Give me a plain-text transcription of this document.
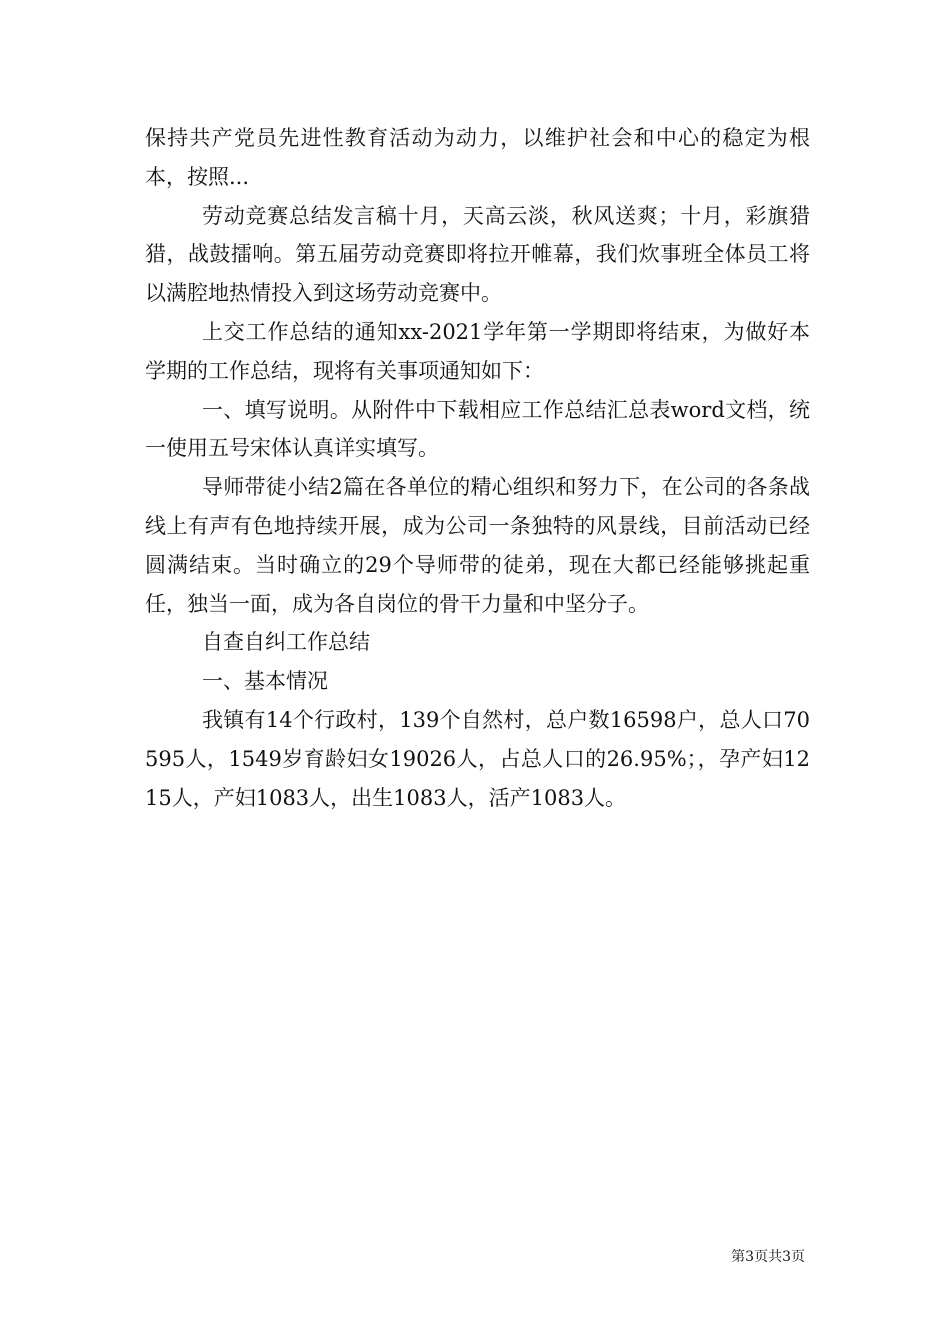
保持共产党员先进性教育活动为动力，以维护社会和中心的稳定为根本，按照...

劳动竞赛总结发言稿十月，天高云淡，秋风送爽；十月，彩旗猎猎，战鼓擂响。第五届劳动竞赛即将拉开帷幕，我们炊事班全体员工将以满腔地热情投入到这场劳动竞赛中。

上交工作总结的通知xx-2021学年第一学期即将结束，为做好本学期的工作总结，现将有关事项通知如下：

一、填写说明。从附件中下载相应工作总结汇总表word文档，统一使用五号宋体认真详实填写。

导师带徒小结2篇在各单位的精心组织和努力下，在公司的各条战线上有声有色地持续开展，成为公司一条独特的风景线，目前活动已经圆满结束。当时确立的29个导师带的徒弟，现在大都已经能够挑起重任，独当一面，成为各自岗位的骨干力量和中坚分子。

自查自纠工作总结

一、基本情况

我镇有14个行政村，139个自然村，总户数16598户，总人口70595人，1549岁育龄妇女19026人，占总人口的26.95%；，孕产妇1215人，产妇1083人，出生1083人，活产1083人。

第3页共3页
